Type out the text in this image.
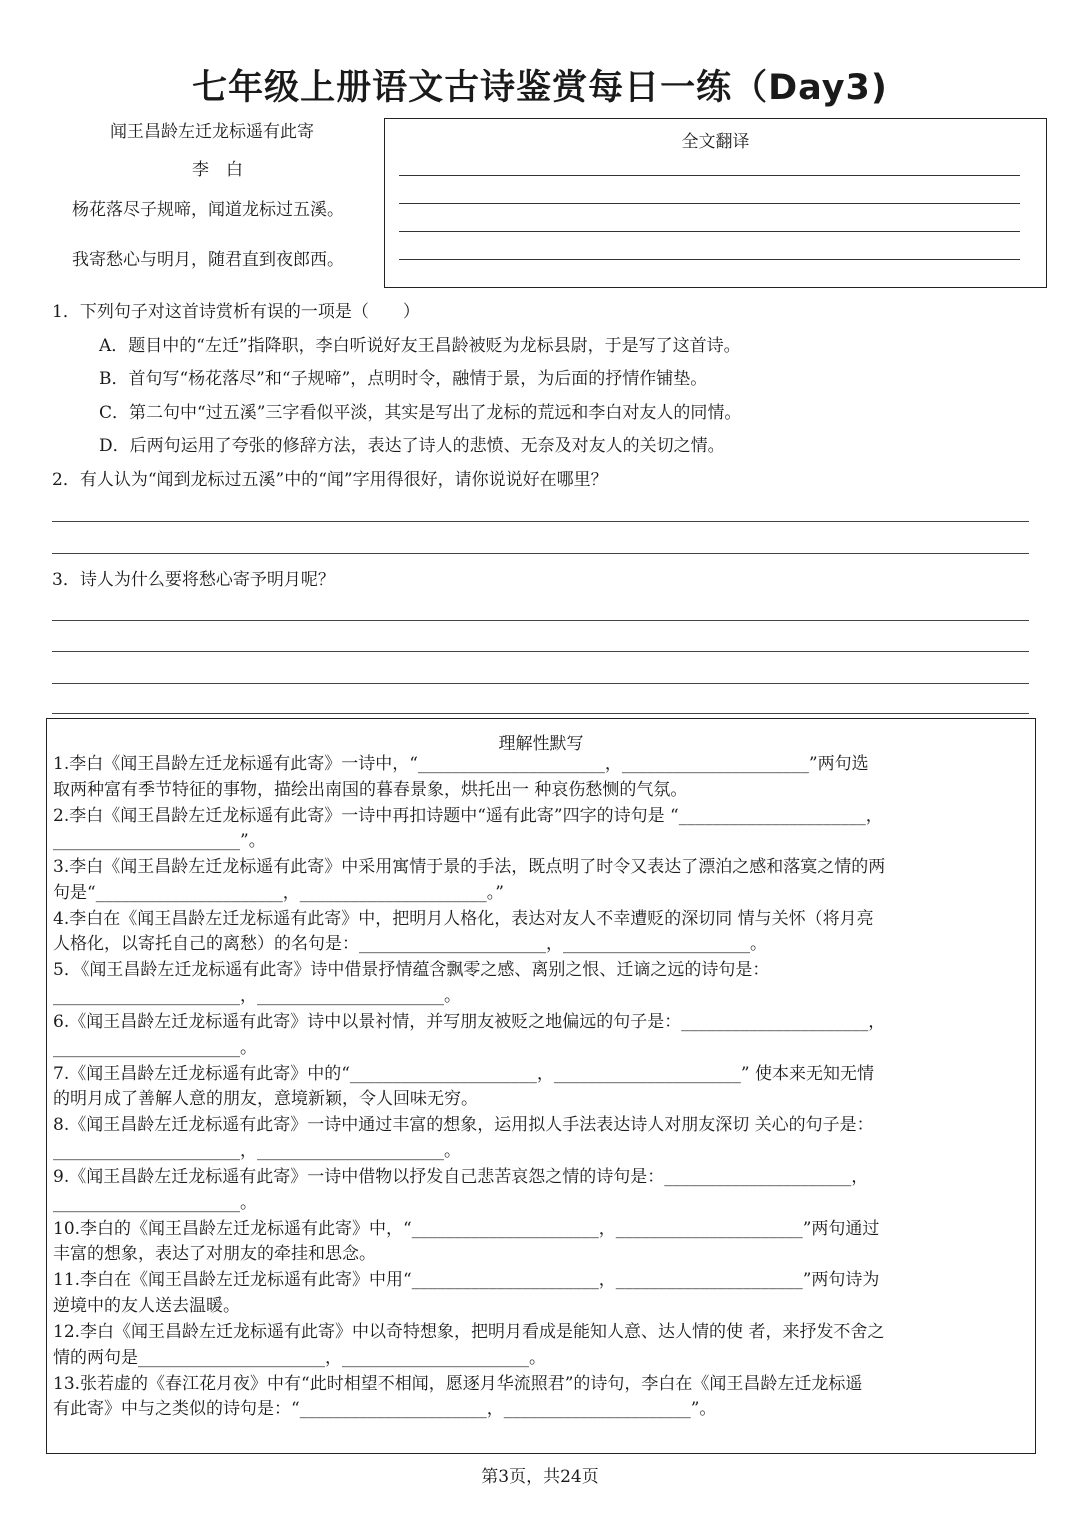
七年级上册语文古诗鉴赏每日一练（Day3)
闻王昌龄左迁龙标遥有此寄
李　白
杨花落尽子规啼，闻道龙标过五溪。
我寄愁心与明月，随君直到夜郎西。
全文翻译
1．下列句子对这首诗赏析有误的一项是（　　）
A．题目中的“左迁”指降职，李白听说好友王昌龄被贬为龙标县尉，于是写了这首诗。
B．首句写“杨花落尽”和“子规啼”，点明时令，融情于景，为后面的抒情作铺垫。
C．第二句中“过五溪”三字看似平淡，其实是写出了龙标的荒远和李白对友人的同情。
D．后两句运用了夸张的修辞方法，表达了诗人的悲愤、无奈及对友人的关切之情。
2．有人认为“闻到龙标过五溪”中的“闻”字用得很好，请你说说好在哪里？
3．诗人为什么要将愁心寄予明月呢？
理解性默写
1.李白《闻王昌龄左迁龙标遥有此寄》一诗中，“______________________，______________________”两句选
取两种富有季节特征的事物，描绘出南国的暮春景象，烘托出一 种哀伤愁恻的气氛。
2.李白《闻王昌龄左迁龙标遥有此寄》一诗中再扣诗题中“遥有此寄”四字的诗句是 “______________________，
______________________”。
3.李白《闻王昌龄左迁龙标遥有此寄》中采用寓情于景的手法，既点明了时令又表达了漂泊之感和落寞之情的两
句是“______________________，______________________。”
4.李白在《闻王昌龄左迁龙标遥有此寄》中，把明月人格化，表达对友人不幸遭贬的深切同 情与关怀（将月亮
人格化，以寄托自己的离愁）的名句是：______________________，______________________。
5．《闻王昌龄左迁龙标遥有此寄》诗中借景抒情蕴含飘零之感、离别之恨、迁谪之远的诗句是：
______________________，______________________。
6.《闻王昌龄左迁龙标遥有此寄》诗中以景衬情，并写朋友被贬之地偏远的句子是：______________________，
______________________。
7.《闻王昌龄左迁龙标遥有此寄》中的“______________________，______________________” 使本来无知无情
的明月成了善解人意的朋友，意境新颖，令人回味无穷。
8.《闻王昌龄左迁龙标遥有此寄》一诗中通过丰富的想象，运用拟人手法表达诗人对朋友深切 关心的句子是：
______________________，______________________。
9.《闻王昌龄左迁龙标遥有此寄》一诗中借物以抒发自己悲苦哀怨之情的诗句是：______________________，
______________________。
10.李白的《闻王昌龄左迁龙标遥有此寄》中，“______________________，______________________”两句通过
丰富的想象，表达了对朋友的牵挂和思念。
11.李白在《闻王昌龄左迁龙标遥有此寄》中用“______________________，______________________”两句诗为
逆境中的友人送去温暖。
12.李白《闻王昌龄左迁龙标遥有此寄》中以奇特想象，把明月看成是能知人意、达人情的使 者，来抒发不舍之
情的两句是______________________，______________________。
13.张若虚的《春江花月夜》中有“此时相望不相闻，愿逐月华流照君”的诗句，李白在《闻王昌龄左迁龙标遥
有此寄》中与之类似的诗句是：“______________________，______________________”。
第3页，共24页
